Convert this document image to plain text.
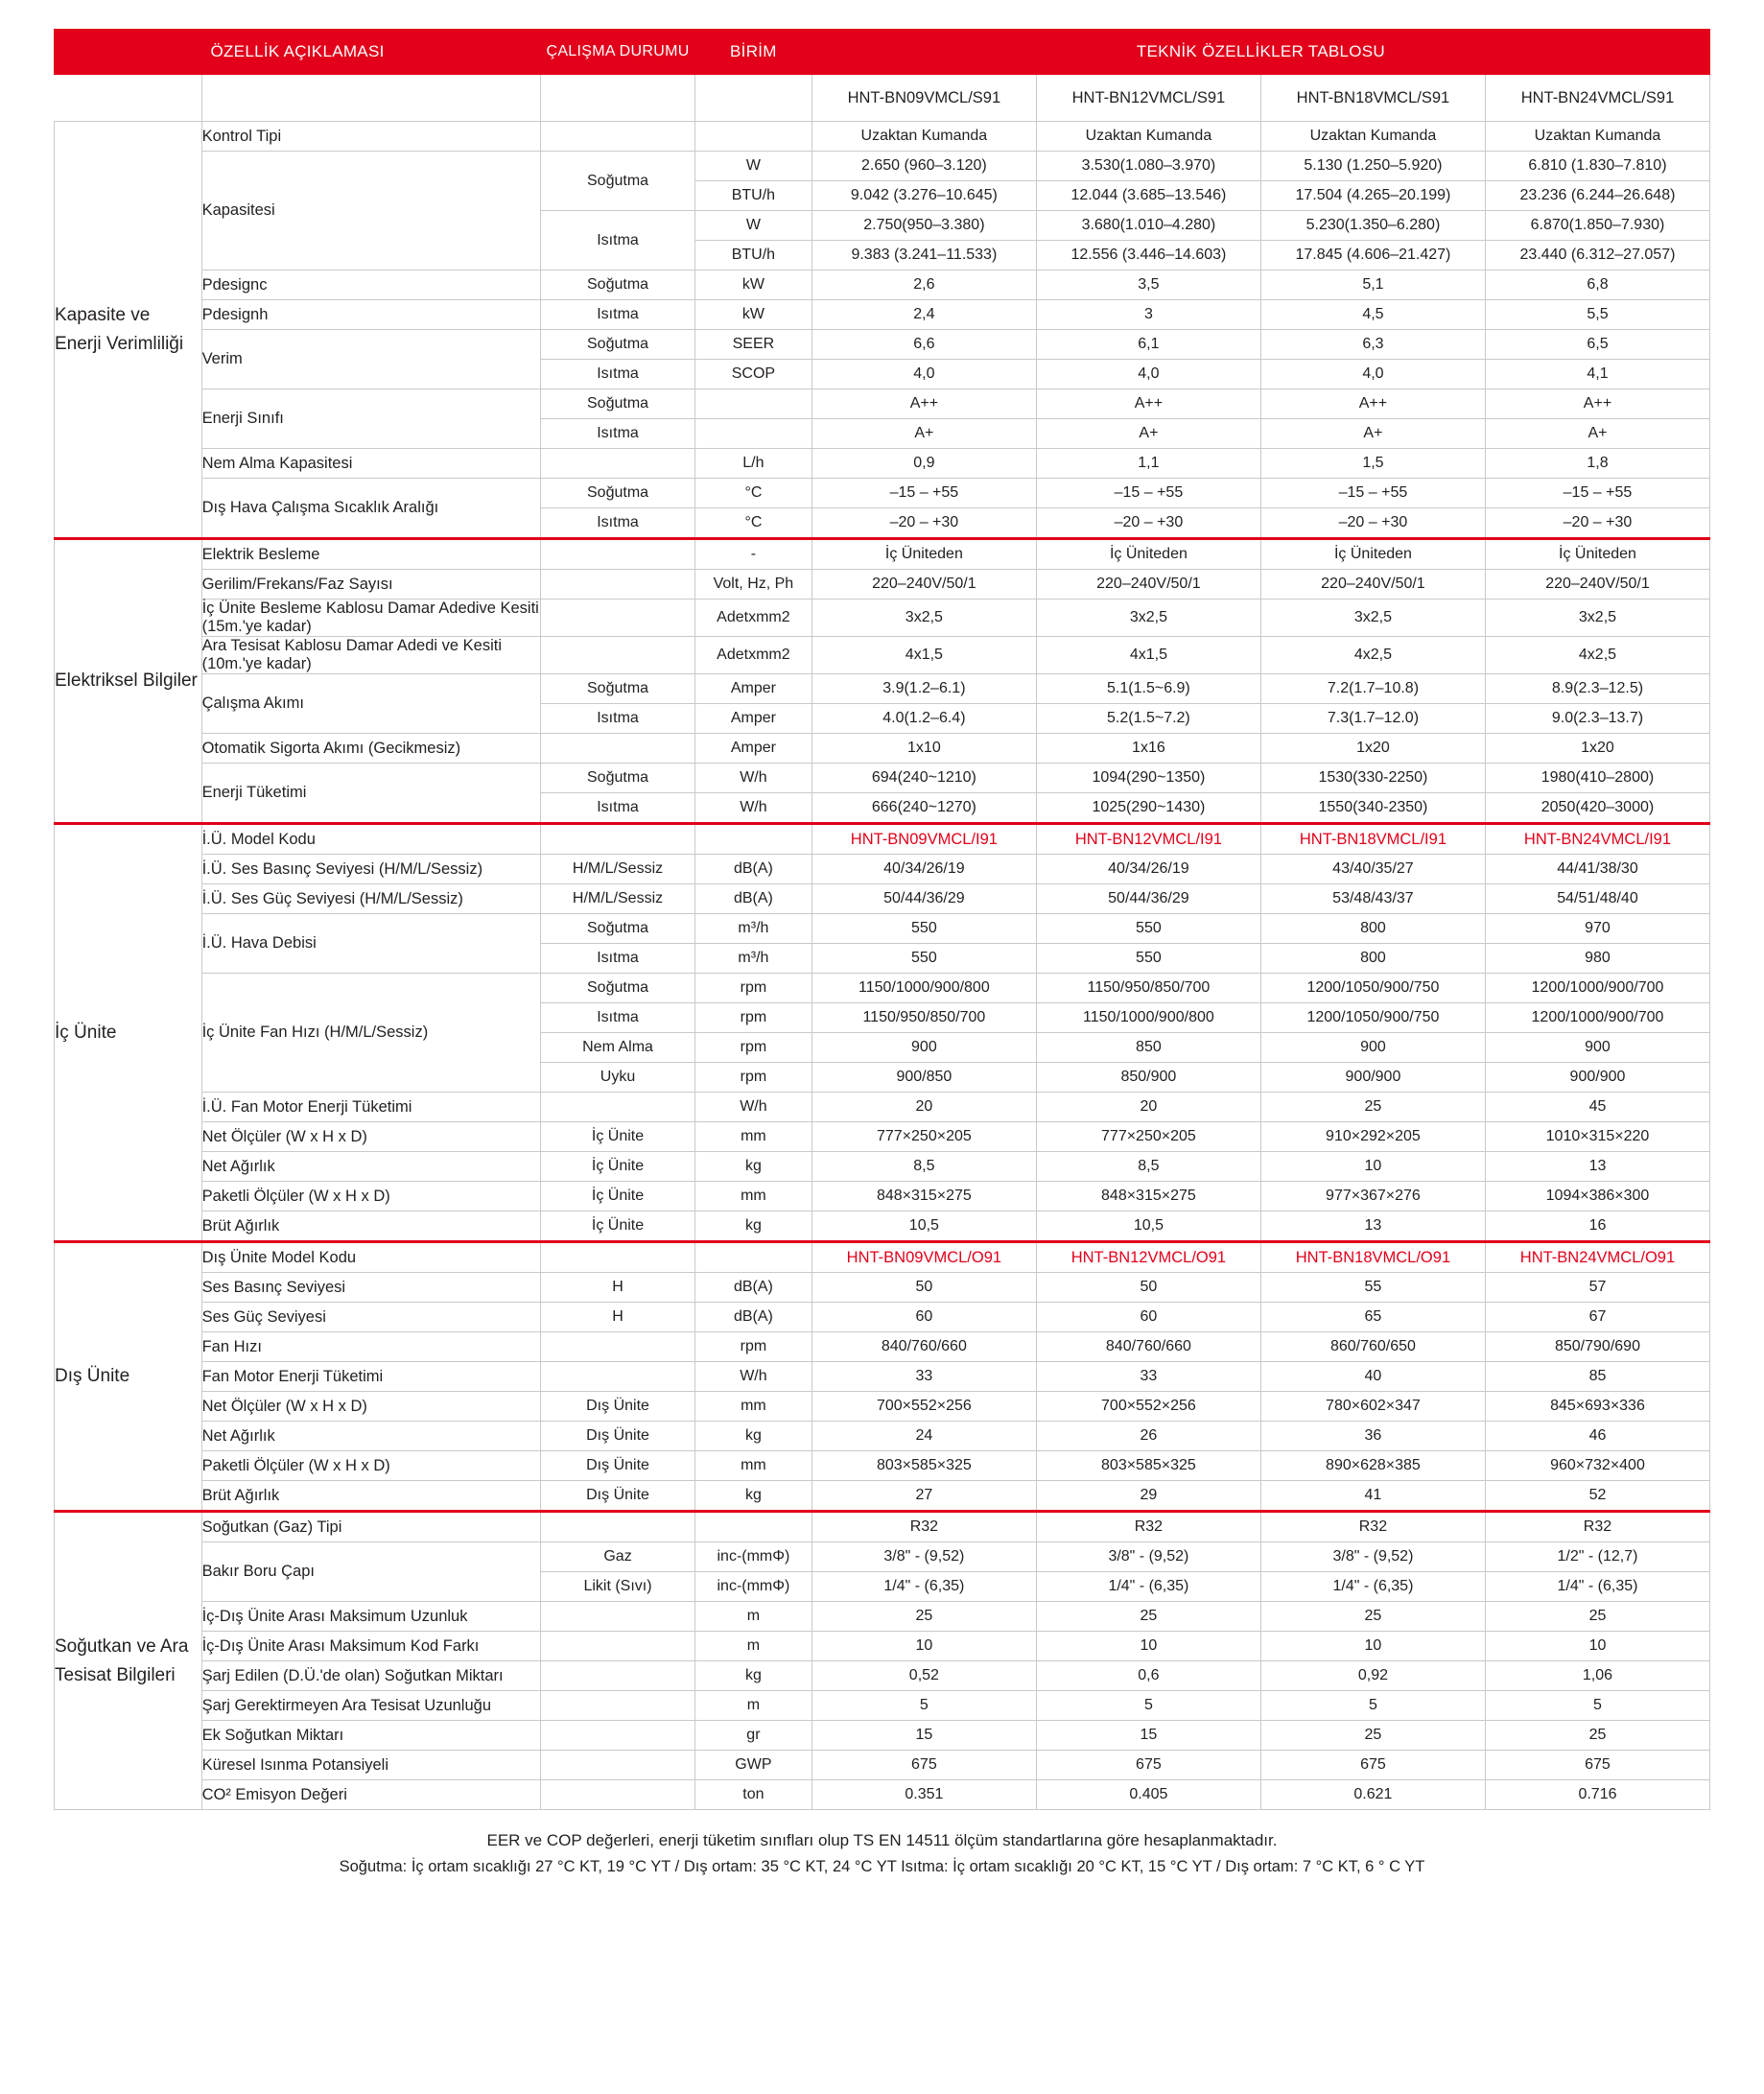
ÖZELLİK AÇIKLAMASI		ÇALIŞMA DURUMU	BİRİM	TEKNİK ÖZELLİKLER TABLOSU			
				HNT-BN09VMCL/S91	HNT-BN12VMCL/S91	HNT-BN18VMCL/S91	HNT-BN24VMCL/S91
Kapasite ve Enerji Verimliliği	Kontrol Tipi			Uzaktan Kumanda	Uzaktan Kumanda	Uzaktan Kumanda	Uzaktan Kumanda
	Kapasitesi	Soğutma	W	2.650 (960–3.120)	3.530(1.080–3.970)	5.130 (1.250–5.920)	6.810 (1.830–7.810)
			BTU/h	9.042 (3.276–10.645)	12.044 (3.685–13.546)	17.504 (4.265–20.199)	23.236 (6.244–26.648)
		Isıtma	W	2.750(950–3.380)	3.680(1.010–4.280)	5.230(1.350–6.280)	6.870(1.850–7.930)
			BTU/h	9.383 (3.241–11.533)	12.556 (3.446–14.603)	17.845 (4.606–21.427)	23.440 (6.312–27.057)
	Pdesignc	Soğutma	kW	2,6	3,5	5,1	6,8
	Pdesignh	Isıtma	kW	2,4	3	4,5	5,5
	Verim	Soğutma	SEER	6,6	6,1	6,3	6,5
		Isıtma	SCOP	4,0	4,0	4,0	4,1
	Enerji Sınıfı	Soğutma		A++	A++	A++	A++
		Isıtma		A+	A+	A+	A+
	Nem Alma Kapasitesi		L/h	0,9	1,1	1,5	1,8
	Dış Hava Çalışma Sıcaklık Aralığı	Soğutma	°C	–15 – +55	–15 – +55	–15 – +55	–15 – +55
		Isıtma	°C	–20 – +30	–20 – +30	–20 – +30	–20 – +30
Elektriksel Bilgiler	Elektrik Besleme		-	İç Üniteden	İç Üniteden	İç Üniteden	İç Üniteden
	Gerilim/Frekans/Faz Sayısı		Volt, Hz, Ph	220–240V/50/1	220–240V/50/1	220–240V/50/1	220–240V/50/1
	İç Ünite Besleme Kablosu Damar Adedive Kesiti (15m.'ye kadar)		Adetxmm2	3x2,5	3x2,5	3x2,5	3x2,5
	Ara Tesisat Kablosu Damar Adedi ve Kesiti (10m.'ye kadar)		Adetxmm2	4x1,5	4x1,5	4x2,5	4x2,5
	Çalışma Akımı	Soğutma	Amper	3.9(1.2–6.1)	5.1(1.5~6.9)	7.2(1.7–10.8)	8.9(2.3–12.5)
		Isıtma	Amper	4.0(1.2–6.4)	5.2(1.5~7.2)	7.3(1.7–12.0)	9.0(2.3–13.7)
	Otomatik Sigorta Akımı (Gecikmesiz)		Amper	1x10	1x16	1x20	1x20
	Enerji Tüketimi	Soğutma	W/h	694(240~1210)	1094(290~1350)	1530(330-2250)	1980(410–2800)
		Isıtma	W/h	666(240~1270)	1025(290~1430)	1550(340-2350)	2050(420–3000)
İç Ünite	İ.Ü. Model Kodu			HNT-BN09VMCL/I91	HNT-BN12VMCL/I91	HNT-BN18VMCL/I91	HNT-BN24VMCL/I91
	İ.Ü. Ses Basınç Seviyesi (H/M/L/Sessiz)	H/M/L/Sessiz	dB(A)	40/34/26/19	40/34/26/19	43/40/35/27	44/41/38/30
	İ.Ü. Ses Güç Seviyesi (H/M/L/Sessiz)	H/M/L/Sessiz	dB(A)	50/44/36/29	50/44/36/29	53/48/43/37	54/51/48/40
	İ.Ü. Hava Debisi	Soğutma	m³/h	550	550	800	970
		Isıtma	m³/h	550	550	800	980
	İç Ünite Fan Hızı (H/M/L/Sessiz)	Soğutma	rpm	1150/1000/900/800	1150/950/850/700	1200/1050/900/750	1200/1000/900/700
		Isıtma	rpm	1150/950/850/700	1150/1000/900/800	1200/1050/900/750	1200/1000/900/700
		Nem Alma	rpm	900	850	900	900
		Uyku	rpm	900/850	850/900	900/900	900/900
	İ.Ü. Fan Motor Enerji Tüketimi		W/h	20	20	25	45
	Net Ölçüler (W x H x D)	İç Ünite	mm	777×250×205	777×250×205	910×292×205	1010×315×220
	Net Ağırlık	İç Ünite	kg	8,5	8,5	10	13
	Paketli Ölçüler (W x H x D)	İç Ünite	mm	848×315×275	848×315×275	977×367×276	1094×386×300
	Brüt Ağırlık	İç Ünite	kg	10,5	10,5	13	16
Dış Ünite	Dış Ünite Model Kodu			HNT-BN09VMCL/O91	HNT-BN12VMCL/O91	HNT-BN18VMCL/O91	HNT-BN24VMCL/O91
	Ses Basınç Seviyesi	H	dB(A)	50	50	55	57
	Ses Güç Seviyesi	H	dB(A)	60	60	65	67
	Fan Hızı		rpm	840/760/660	840/760/660	860/760/650	850/790/690
	Fan Motor Enerji Tüketimi		W/h	33	33	40	85
	Net Ölçüler (W x H x D)	Dış Ünite	mm	700×552×256	700×552×256	780×602×347	845×693×336
	Net Ağırlık	Dış Ünite	kg	24	26	36	46
	Paketli Ölçüler (W x H x D)	Dış Ünite	mm	803×585×325	803×585×325	890×628×385	960×732×400
	Brüt Ağırlık	Dış Ünite	kg	27	29	41	52
Soğutkan ve Ara Tesisat Bilgileri	Soğutkan (Gaz) Tipi			R32	R32	R32	R32
	Bakır Boru Çapı	Gaz	inc-(mmΦ)	3/8" - (9,52)	3/8" - (9,52)	3/8" - (9,52)	1/2" - (12,7)
		Likit (Sıvı)	inc-(mmΦ)	1/4" - (6,35)	1/4" - (6,35)	1/4" - (6,35)	1/4" - (6,35)
	İç-Dış Ünite Arası Maksimum Uzunluk		m	25	25	25	25
	İç-Dış Ünite Arası Maksimum Kod Farkı		m	10	10	10	10
	Şarj Edilen (D.Ü.'de olan) Soğutkan Miktarı		kg	0,52	0,6	0,92	1,06
	Şarj Gerektirmeyen Ara Tesisat Uzunluğu		m	5	5	5	5
	Ek Soğutkan Miktarı		gr	15	15	25	25
	Küresel Isınma Potansiyeli		GWP	675	675	675	675
	CO² Emisyon Değeri		ton	0.351	0.405	0.621	0.716
EER ve COP değerleri, enerji tüketim sınıfları olup TS EN 14511 ölçüm standartlarına göre hesaplanmaktadır.
Soğutma: İç ortam sıcaklığı 27 °C KT, 19 °C YT / Dış ortam: 35 °C KT, 24 °C YT Isıtma: İç ortam sıcaklığı 20 °C KT, 15 °C YT / Dış ortam: 7 °C KT, 6 ° C YT
